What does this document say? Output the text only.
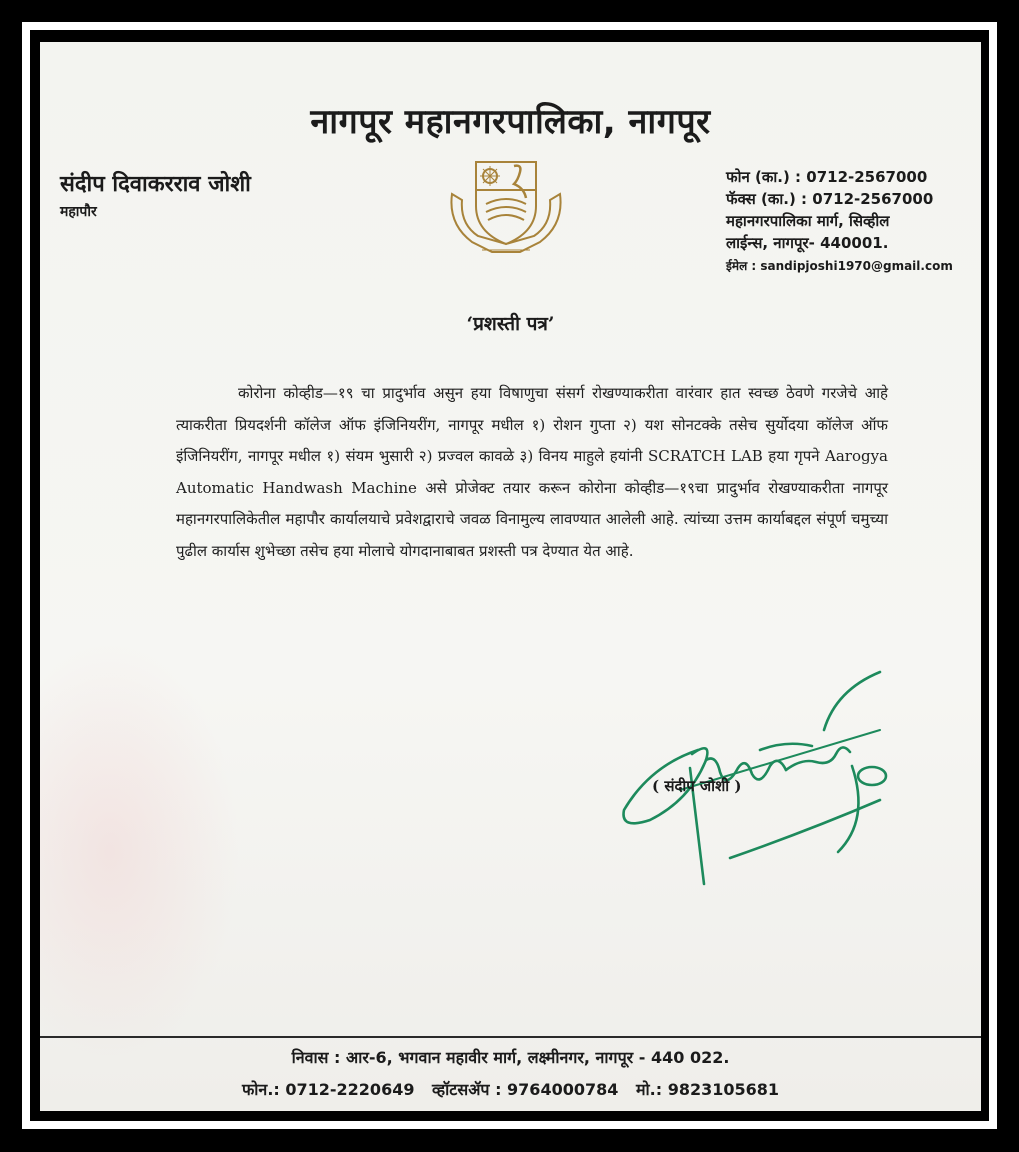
नागपूर महानगरपालिका, नागपूर
संदीप दिवाकरराव जोशी
महापौर
फोन (का.) : 0712-2567000
फॅक्स (का.) : 0712-2567000
महानगरपालिका मार्ग, सिव्हील
लाईन्स, नागपूर- 440001.
ईमेल : sandipjoshi1970@gmail.com
‘प्रशस्ती पत्र’

कोरोना कोव्हीड—१९ चा प्रादुर्भाव असुन हया विषाणुचा संसर्ग रोखण्याकरीता वारंवार हात स्वच्छ ठेवणे गरजेचे आहे त्याकरीता प्रियदर्शनी कॉलेज ऑफ इंजिनियरींग, नागपूर मधील १) रोशन गुप्ता २) यश सोनटक्के तसेच सुर्योदया कॉलेज ऑफ इंजिनियरींग, नागपूर मधील १) संयम भुसारी २) प्रज्वल कावळे ३) विनय माहुले हयांनी SCRATCH LAB हया गृपने Aarogya Automatic Handwash Machine असे प्रोजेक्ट तयार करून कोरोना कोव्हीड—१९चा प्रादुर्भाव रोखण्याकरीता नागपूर महानगरपालिकेतील महापौर कार्यालयाचे प्रवेशद्वाराचे जवळ विनामुल्य लावण्यात आलेली आहे. त्यांच्या उत्तम कार्याबद्दल संपूर्ण चमुच्या पुढील कार्यास शुभेच्छा तसेच हया मोलाचे योगदानाबाबत प्रशस्ती पत्र देण्यात येत आहे.

( संदीप जोशी )
निवास : आर-6, भगवान महावीर मार्ग, लक्ष्मीनगर, नागपूर - 440 022.
फोन.: 0712-2220649 व्हॉटसॲप : 9764000784 मो.: 9823105681
